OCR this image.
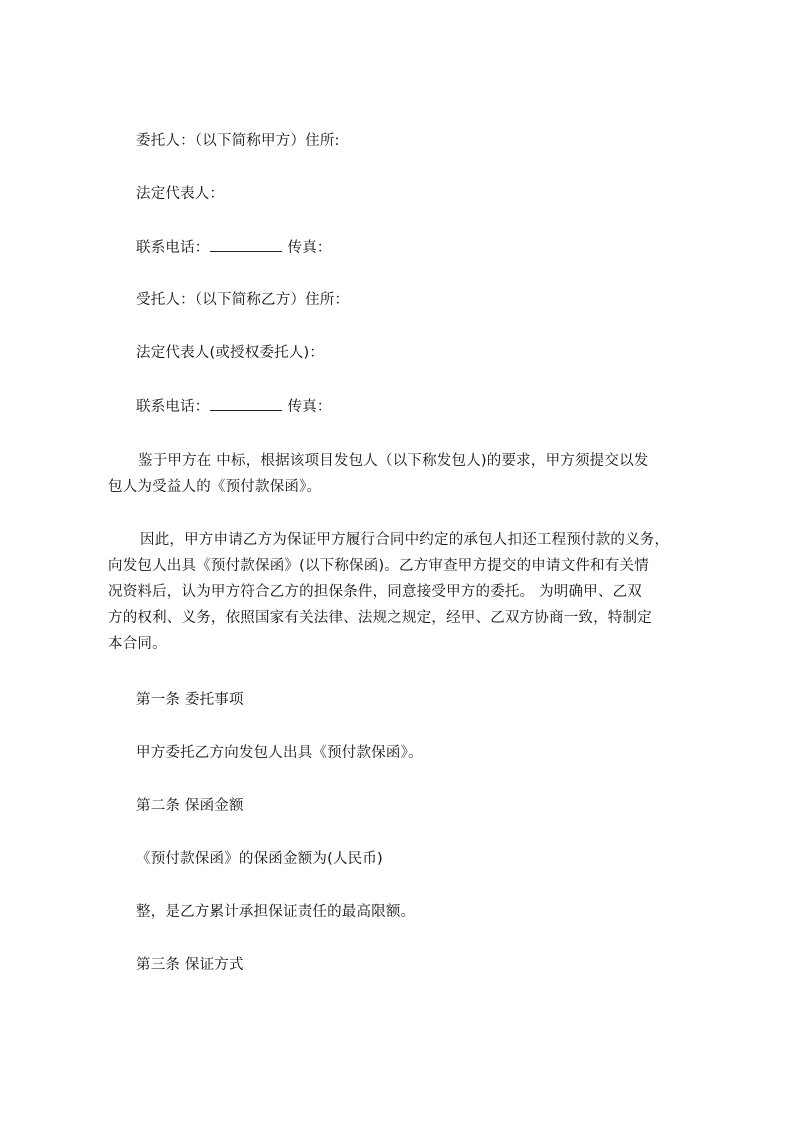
委托人：（以下简称甲方）住所:
法定代表人：
联系电话：	传真：
受托人：（以下简称乙方）住所：
法定代表人(或授权委托人)：
联系电话：	传真：
鉴于甲方在 中标，根据该项目发包人（以下称发包人)的要求，甲方须提交以发
包人为受益人的《预付款保函》。
因此，甲方申请乙方为保证甲方履行合同中约定的承包人扣还工程预付款的义务，
向发包人出具《预付款保函》(以下称保函)。乙方审查甲方提交的申请文件和有关情
况资料后，认为甲方符合乙方的担保条件，同意接受甲方的委托。 为明确甲、乙双
方的权利、义务，依照国家有关法律、法规之规定，经甲、乙双方协商一致，特制定
本合同。
第一条 委托事项
甲方委托乙方向发包人出具《预付款保函》。
第二条 保函金额
《预付款保函》的保函金额为(人民币)
整，是乙方累计承担保证责任的最高限额。
第三条 保证方式
